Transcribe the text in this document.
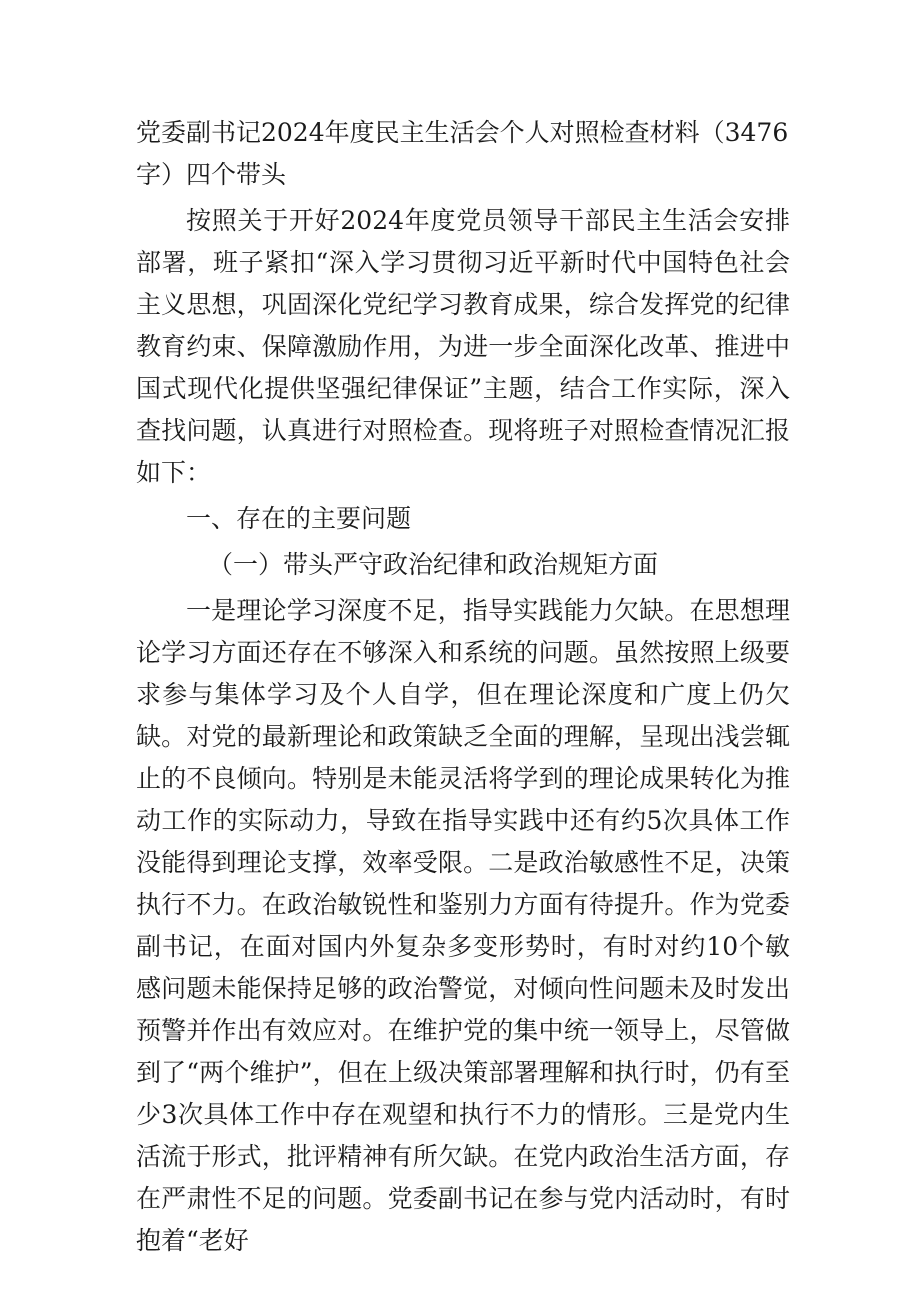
党委副书记2024年度民主生活会个人对照检查材料（3476字）四个带头

按照关于开好2024年度党员领导干部民主生活会安排部署，班子紧扣“深入学习贯彻习近平新时代中国特色社会主义思想，巩固深化党纪学习教育成果，综合发挥党的纪律教育约束、保障激励作用，为进一步全面深化改革、推进中国式现代化提供坚强纪律保证”主题，结合工作实际，深入查找问题，认真进行对照检查。现将班子对照检查情况汇报如下：

一、存在的主要问题

（一）带头严守政治纪律和政治规矩方面

一是理论学习深度不足，指导实践能力欠缺。在思想理论学习方面还存在不够深入和系统的问题。虽然按照上级要求参与集体学习及个人自学，但在理论深度和广度上仍欠缺。对党的最新理论和政策缺乏全面的理解，呈现出浅尝辄止的不良倾向。特别是未能灵活将学到的理论成果转化为推动工作的实际动力，导致在指导实践中还有约5次具体工作没能得到理论支撑，效率受限。二是政治敏感性不足，决策执行不力。在政治敏锐性和鉴别力方面有待提升。作为党委副书记，在面对国内外复杂多变形势时，有时对约10个敏感问题未能保持足够的政治警觉，对倾向性问题未及时发出预警并作出有效应对。在维护党的集中统一领导上，尽管做到了“两个维护”，但在上级决策部署理解和执行时，仍有至少3次具体工作中存在观望和执行不力的情形。三是党内生活流于形式，批评精神有所欠缺。在党内政治生活方面，存在严肃性不足的问题。党委副书记在参与党内活动时，有时抱着“老好
